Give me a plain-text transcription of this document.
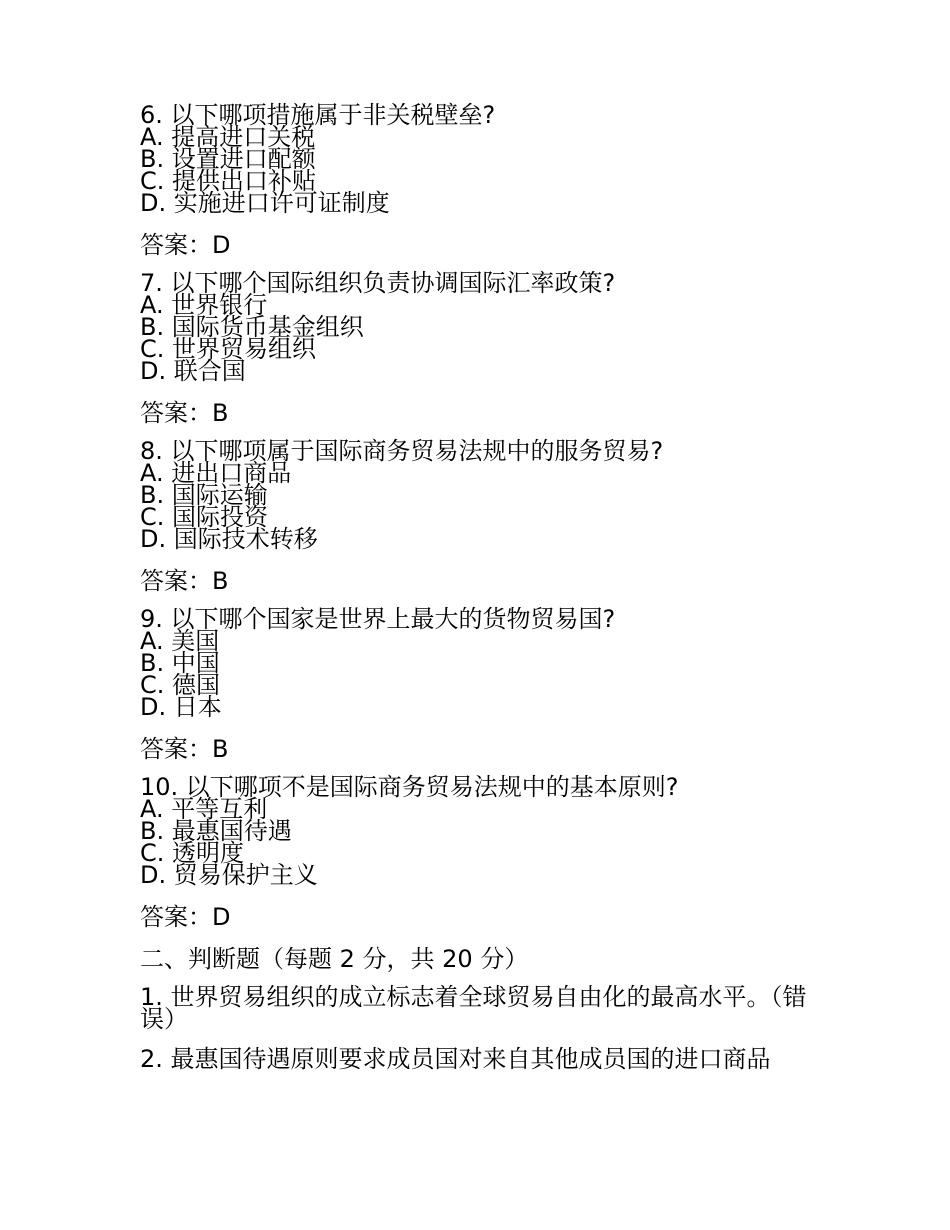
6. 以下哪项措施属于非关税壁垒?
A. 提高进口关税
B. 设置进口配额
C. 提供出口补贴
D. 实施进口许可证制度
答案：D
7. 以下哪个国际组织负责协调国际汇率政策?
A. 世界银行
B. 国际货币基金组织
C. 世界贸易组织
D. 联合国
答案：B
8. 以下哪项属于国际商务贸易法规中的服务贸易?
A. 进出口商品
B. 国际运输
C. 国际投资
D. 国际技术转移
答案：B
9. 以下哪个国家是世界上最大的货物贸易国?
A. 美国
B. 中国
C. 德国
D. 日本
答案：B
10. 以下哪项不是国际商务贸易法规中的基本原则?
A. 平等互利
B. 最惠国待遇
C. 透明度
D. 贸易保护主义
答案：D
二、判断题（每题 2 分，共 20 分）
1. 世界贸易组织的成立标志着全球贸易自由化的最高水平。（错误）
2. 最惠国待遇原则要求成员国对来自其他成员国的进口商品
